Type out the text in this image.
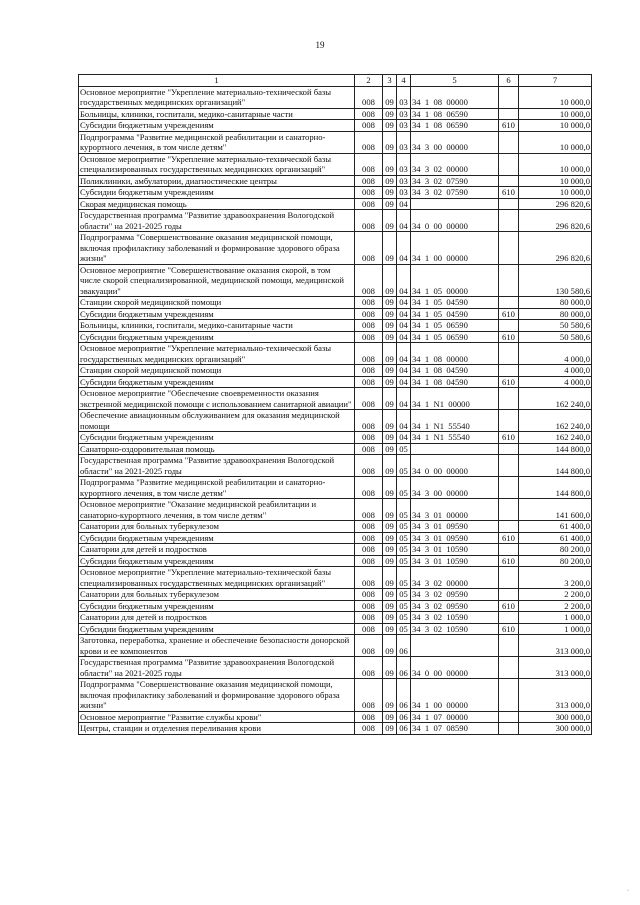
19
1	2	3	4	5	6	7
Основное мероприятие "Укрепление материально-технической базы государственных медицинских организаций"	008	09	03	34  1  08  00000		10 000,0
Больницы, клиники, госпитали, медико-санитарные части	008	09	03	34  1  08  06590		10 000,0
Субсидии бюджетным учреждениям	008	09	03	34  1  08  06590	610	10 000,0
Подпрограмма "Развитие медицинской реабилитации и санаторно-курортного лечения, в том числе детям"	008	09	03	34  3  00  00000		10 000,0
Основное мероприятие "Укрепление материально-технической базы специализированных государственных медицинских организаций"	008	09	03	34  3  02  00000		10 000,0
Поликлиники, амбулатории, диагностические центры	008	09	03	34  3  02  07590		10 000,0
Субсидии бюджетным учреждениям	008	09	03	34  3  02  07590	610	10 000,0
Скорая медицинская помощь	008	09	04			296 820,6
Государственная программа "Развитие здравоохранения Вологодской области" на 2021-2025 годы	008	09	04	34  0  00  00000		296 820,6
Подпрограмма "Совершенствование оказания медицинской помощи, включая профилактику заболеваний и формирование здорового образа жизни"	008	09	04	34  1  00  00000		296 820,6
Основное мероприятие "Совершенствование оказания скорой, в том числе скорой специализированной, медицинской помощи, медицинской эвакуации"	008	09	04	34  1  05  00000		130 580,6
Станции скорой медицинской помощи	008	09	04	34  1  05  04590		80 000,0
Субсидии бюджетным учреждениям	008	09	04	34  1  05  04590	610	80 000,0
Больницы, клиники, госпитали, медико-санитарные части	008	09	04	34  1  05  06590		50 580,6
Субсидии бюджетным учреждениям	008	09	04	34  1  05  06590	610	50 580,6
Основное мероприятие "Укрепление материально-технической базы государственных медицинских организаций"	008	09	04	34  1  08  00000		4 000,0
Станции скорой медицинской помощи	008	09	04	34  1  08  04590		4 000,0
Субсидии бюджетным учреждениям	008	09	04	34  1  08  04590	610	4 000,0
Основное мероприятие "Обеспечение своевременности оказания экстренной медицинской помощи с использованием санитарной авиации"	008	09	04	34  1  N1  00000		162 240,0
Обеспечение авиационным обслуживанием для оказания медицинской помощи	008	09	04	34  1  N1  55540		162 240,0
Субсидии бюджетным учреждениям	008	09	04	34  1  N1  55540	610	162 240,0
Санаторно-оздоровительная помощь	008	09	05			144 800,0
Государственная программа "Развитие здравоохранения Вологодской области" на 2021-2025 годы	008	09	05	34  0  00  00000		144 800,0
Подпрограмма "Развитие медицинской реабилитации и санаторно-курортного лечения, в том числе детям"	008	09	05	34  3  00  00000		144 800,0
Основное мероприятие "Оказание медицинской реабилитации и санаторно-курортного лечения, в том числе детям"	008	09	05	34  3  01  00000		141 600,0
Санатории для больных туберкулезом	008	09	05	34  3  01  09590		61 400,0
Субсидии бюджетным учреждениям	008	09	05	34  3  01  09590	610	61 400,0
Санатории для детей и подростков	008	09	05	34  3  01  10590		80 200,0
Субсидии бюджетным учреждениям	008	09	05	34  3  01  10590	610	80 200,0
Основное мероприятие "Укрепление материально-технической базы специализированных государственных медицинских организаций"	008	09	05	34  3  02  00000		3 200,0
Санатории для больных туберкулезом	008	09	05	34  3  02  09590		2 200,0
Субсидии бюджетным учреждениям	008	09	05	34  3  02  09590	610	2 200,0
Санатории для детей и подростков	008	09	05	34  3  02  10590		1 000,0
Субсидии бюджетным учреждениям	008	09	05	34  3  02  10590	610	1 000,0
Заготовка, переработка, хранение и обеспечение безопасности донорской крови и ее компонентов	008	09	06			313 000,0
Государственная программа "Развитие здравоохранения Вологодской области" на 2021-2025 годы	008	09	06	34  0  00  00000		313 000,0
Подпрограмма "Совершенствование оказания медицинской помощи, включая профилактику заболеваний и формирование здорового образа жизни"	008	09	06	34  1  00  00000		313 000,0
Основное мероприятие "Развитие службы крови"	008	09	06	34  1  07  00000		300 000,0
Центры, станции и отделения переливания крови	008	09	06	34  1  07  08590		300 000,0
·
